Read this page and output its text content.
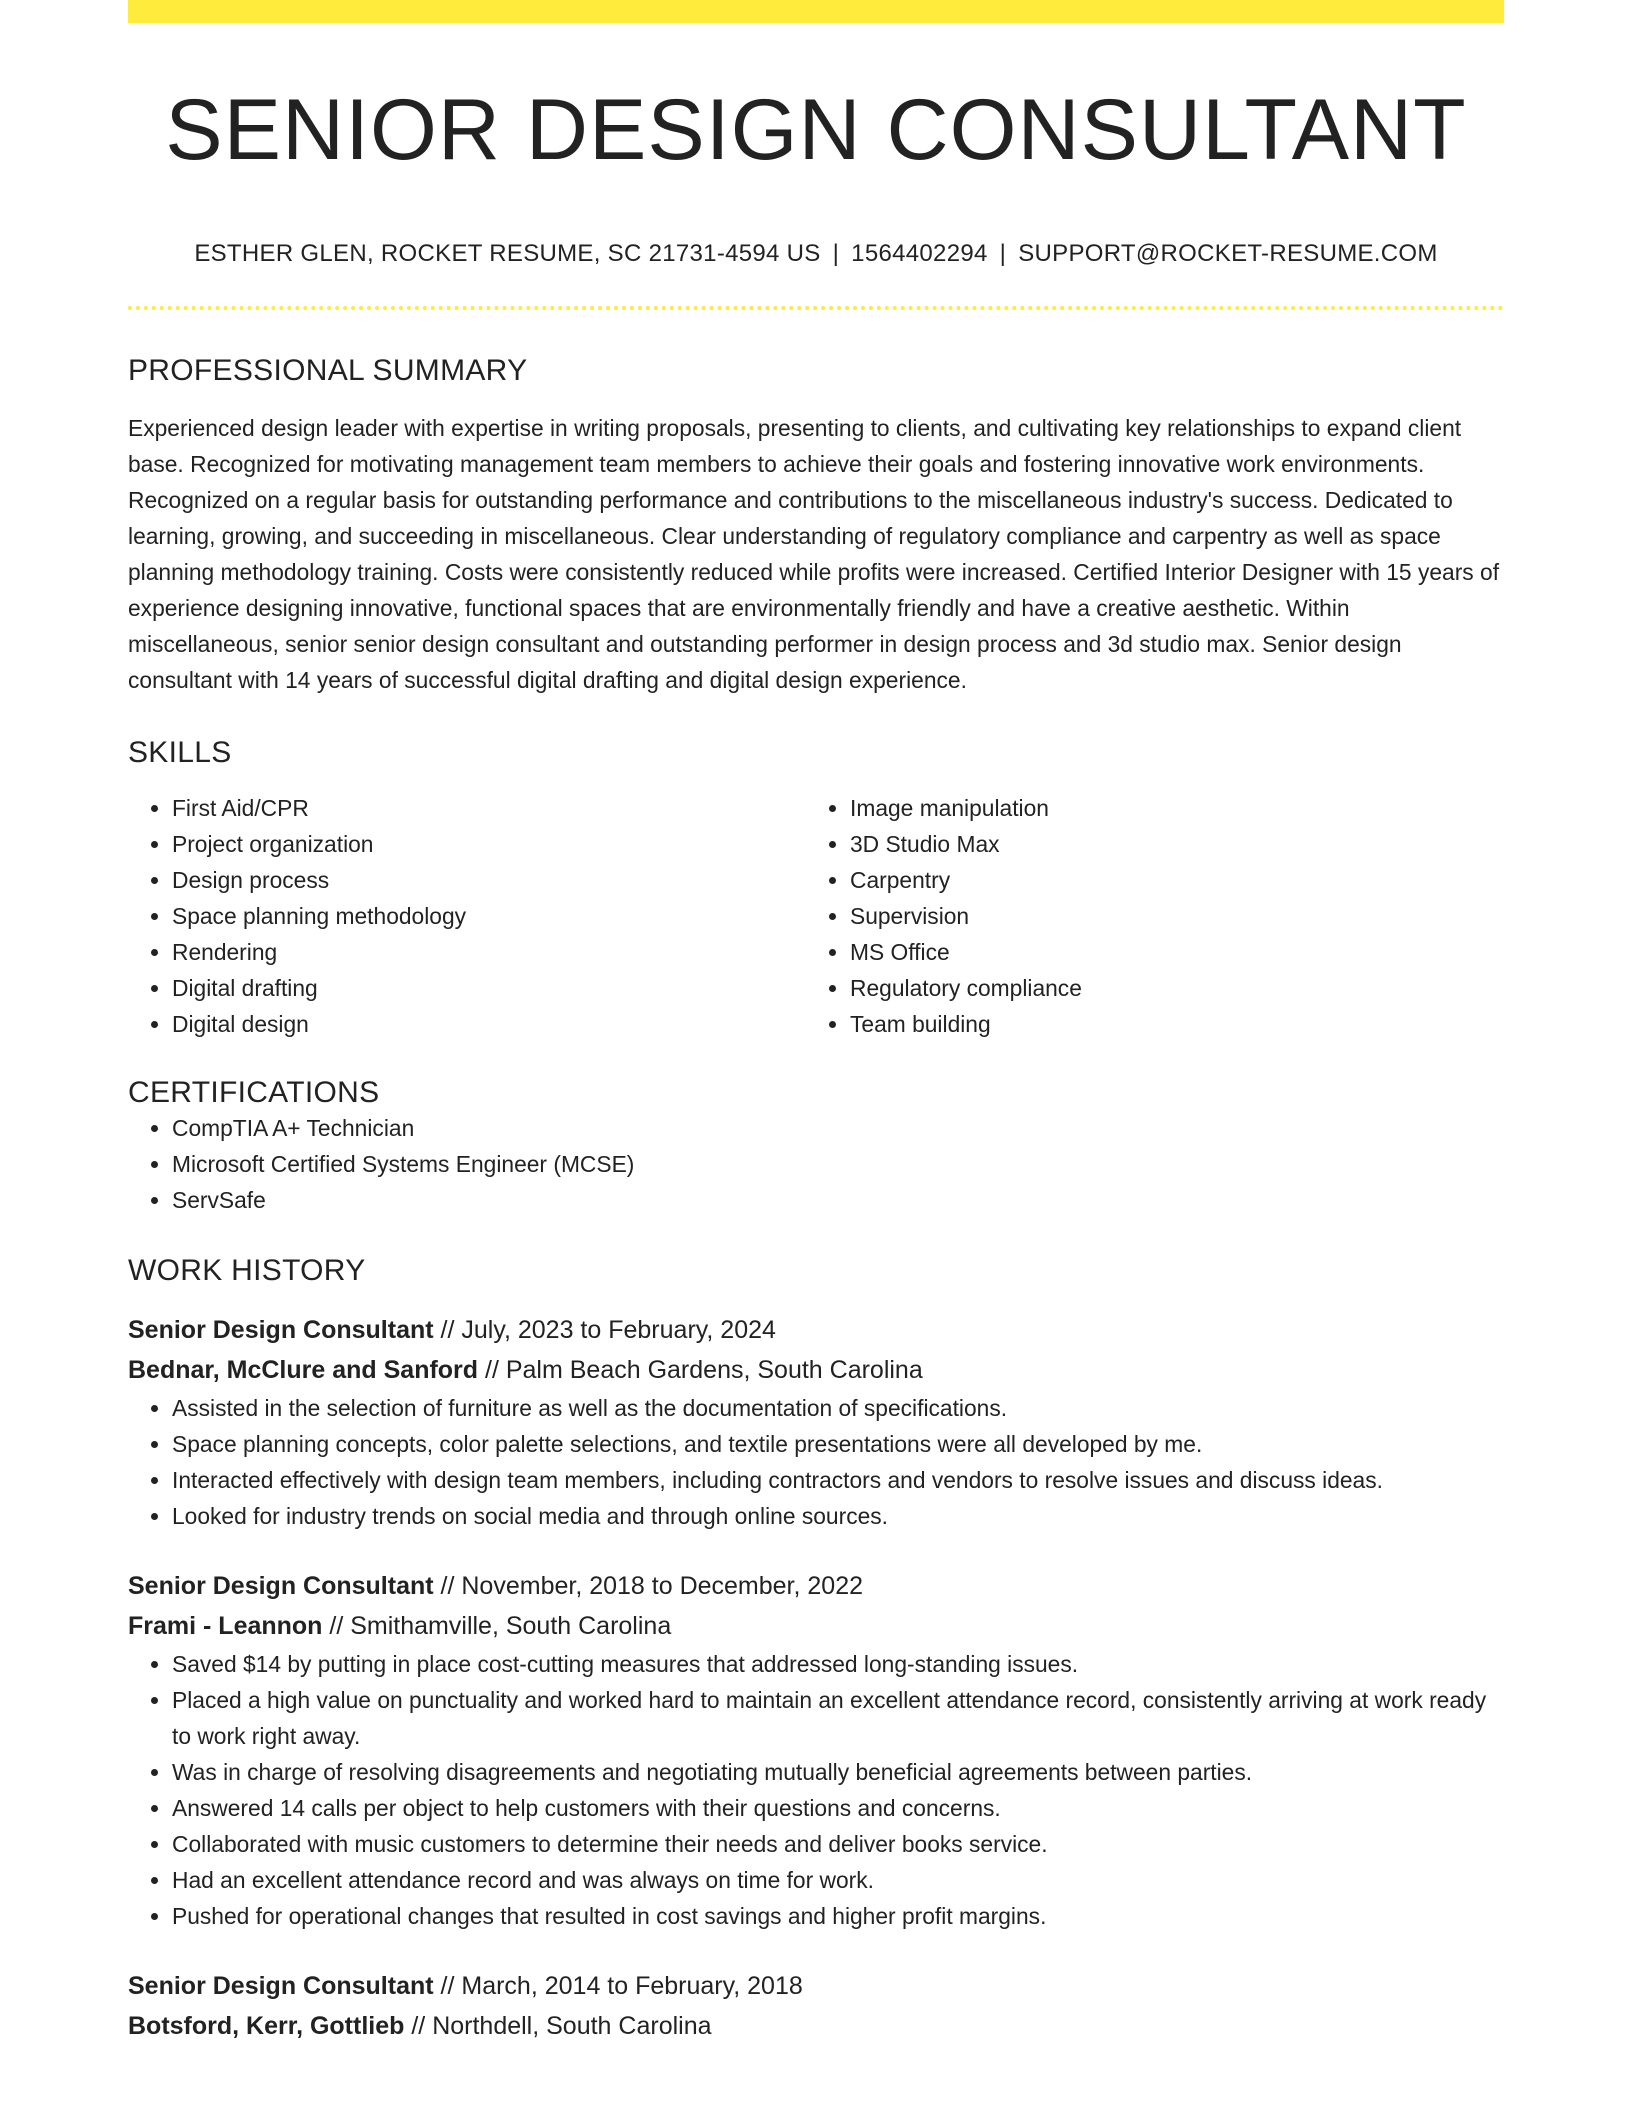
SENIOR DESIGN CONSULTANT
ESTHER GLEN, ROCKET RESUME, SC 21731-4594 US | 1564402294 | SUPPORT@ROCKET-RESUME.COM
PROFESSIONAL SUMMARY
Experienced design leader with expertise in writing proposals, presenting to clients, and cultivating key relationships to expand client base. Recognized for motivating management team members to achieve their goals and fostering innovative work environments. Recognized on a regular basis for outstanding performance and contributions to the miscellaneous industry's success. Dedicated to learning, growing, and succeeding in miscellaneous. Clear understanding of regulatory compliance and carpentry as well as space planning methodology training. Costs were consistently reduced while profits were increased. Certified Interior Designer with 15 years of experience designing innovative, functional spaces that are environmentally friendly and have a creative aesthetic. Within miscellaneous, senior senior design consultant and outstanding performer in design process and 3d studio max. Senior design consultant with 14 years of successful digital drafting and digital design experience.
SKILLS
• First Aid/CPR
• Project organization
• Design process
• Space planning methodology
• Rendering
• Digital drafting
• Digital design
• Image manipulation
• 3D Studio Max
• Carpentry
• Supervision
• MS Office
• Regulatory compliance
• Team building
CERTIFICATIONS
• CompTIA A+ Technician
• Microsoft Certified Systems Engineer (MCSE)
• ServSafe
WORK HISTORY
Senior Design Consultant // July, 2023 to February, 2024
Bednar, McClure and Sanford // Palm Beach Gardens, South Carolina
• Assisted in the selection of furniture as well as the documentation of specifications.
• Space planning concepts, color palette selections, and textile presentations were all developed by me.
• Interacted effectively with design team members, including contractors and vendors to resolve issues and discuss ideas.
• Looked for industry trends on social media and through online sources.
Senior Design Consultant // November, 2018 to December, 2022
Frami - Leannon // Smithamville, South Carolina
• Saved $14 by putting in place cost-cutting measures that addressed long-standing issues.
• Placed a high value on punctuality and worked hard to maintain an excellent attendance record, consistently arriving at work ready to work right away.
• Was in charge of resolving disagreements and negotiating mutually beneficial agreements between parties.
• Answered 14 calls per object to help customers with their questions and concerns.
• Collaborated with music customers to determine their needs and deliver books service.
• Had an excellent attendance record and was always on time for work.
• Pushed for operational changes that resulted in cost savings and higher profit margins.
Senior Design Consultant // March, 2014 to February, 2018
Botsford, Kerr, Gottlieb // Northdell, South Carolina
